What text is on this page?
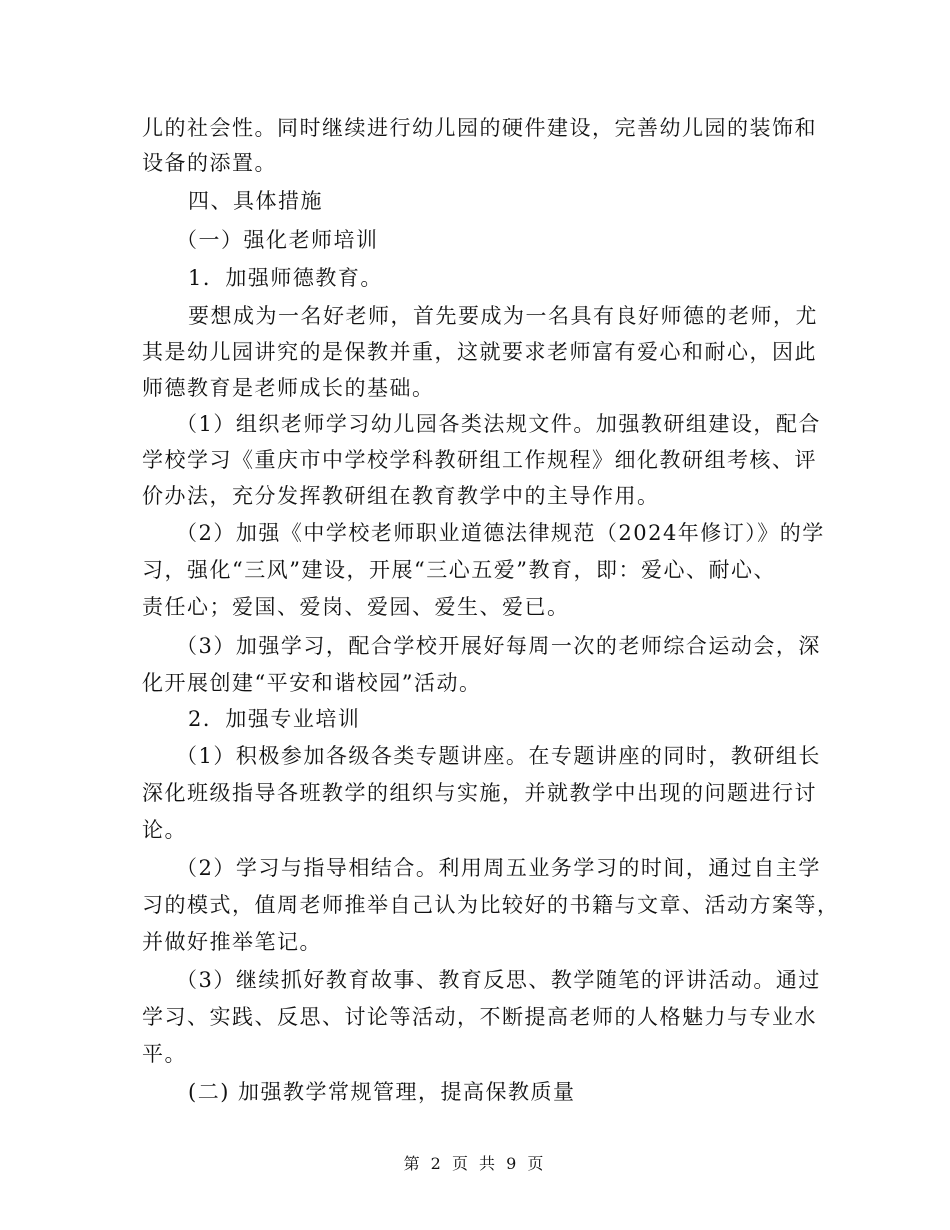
儿的社会性。同时继续进行幼儿园的硬件建设，完善幼儿园的装饰和
设备的添置。
四、具体措施
（一）强化老师培训
1．加强师德教育。
要想成为一名好老师，首先要成为一名具有良好师德的老师，尤
其是幼儿园讲究的是保教并重，这就要求老师富有爱心和耐心，因此
师德教育是老师成长的基础。
（1）组织老师学习幼儿园各类法规文件。加强教研组建设，配合
学校学习《重庆市中学校学科教研组工作规程》细化教研组考核、评
价办法，充分发挥教研组在教育教学中的主导作用。
（2）加强《中学校老师职业道德法律规范（2024年修订）》的学
习，强化“三风”建设，开展“三心五爱”教育，即：爱心、耐心、
责任心；爱国、爱岗、爱园、爱生、爱已。
（3）加强学习，配合学校开展好每周一次的老师综合运动会，深
化开展创建“平安和谐校园”活动。
2．加强专业培训
（1）积极参加各级各类专题讲座。在专题讲座的同时，教研组长
深化班级指导各班教学的组织与实施，并就教学中出现的问题进行讨
论。
（2）学习与指导相结合。利用周五业务学习的时间，通过自主学
习的模式，值周老师推举自己认为比较好的书籍与文章、活动方案等，
并做好推举笔记。
（3）继续抓好教育故事、教育反思、教学随笔的评讲活动。通过
学习、实践、反思、讨论等活动，不断提高老师的人格魅力与专业水
平。
(二) 加强教学常规管理，提高保教质量
第 2 页 共 9 页
